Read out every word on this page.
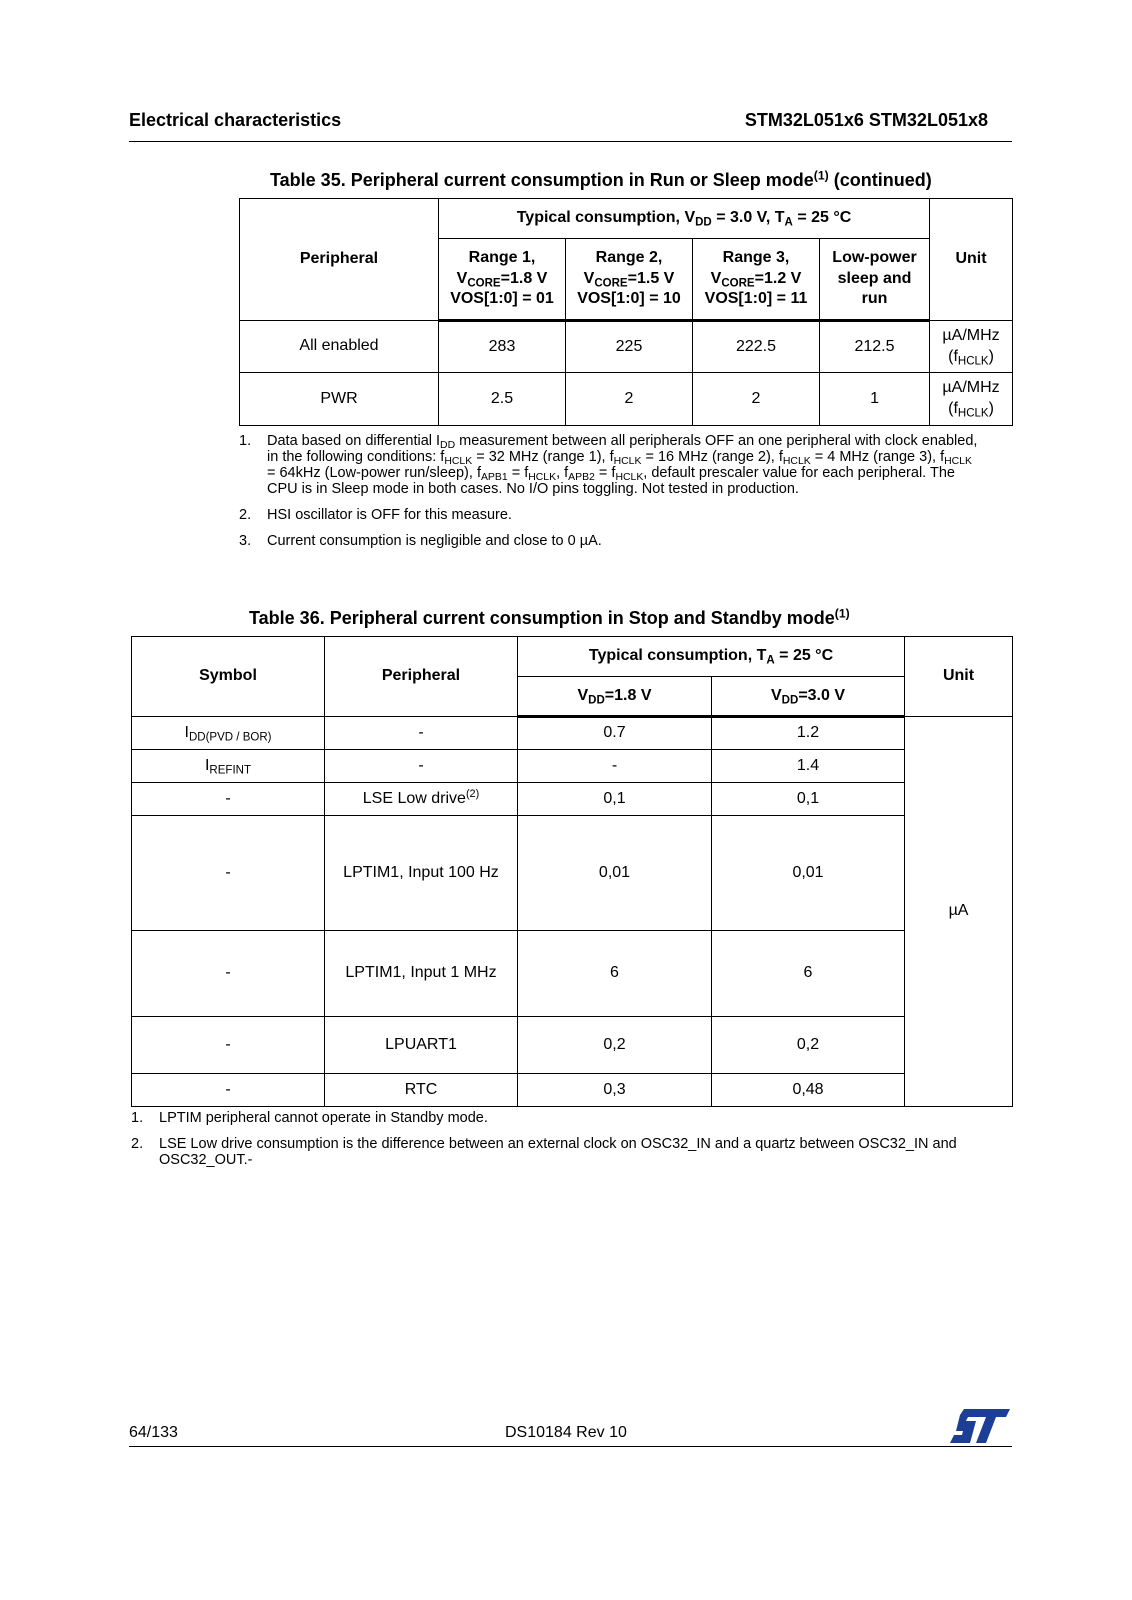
Electrical characteristics	STM32L051x6 STM32L051x8
Table 35. Peripheral current consumption in Run or Sleep mode$^{(1)}$ (continued)
Peripheral	Typical consumption, $V_{DD} = 3.0$ V, $T_A = 25$ °C				Unit
	Range 1,
$V_{CORE}=1.8$ V
VOS[1:0] = 01	Range 2,
$V_{CORE}=1.5$ V
VOS[1:0] = 10	Range 3,
$V_{CORE}=1.2$ V
VOS[1:0] = 11	Low-power
sleep and
run	
All enabled	283	225	222.5	212.5	µA/MHz
$(f_{HCLK})$
PWR	2.5	2	2	1	µA/MHz
$(f_{HCLK})$
1. Data based on differential $I_{DD}$ measurement between all peripherals OFF an one peripheral with clock enabled, in the following conditions: $f_{HCLK} = 32$ MHz (range 1), $f_{HCLK} = 16$ MHz (range 2), $f_{HCLK} = 4$ MHz (range 3), $f_{HCLK} = 64kHz$ (Low-power run/sleep), $f_{APB1} = f_{HCLK}$, $f_{APB2} = f_{HCLK}$, default prescaler value for each peripheral. The CPU is in Sleep mode in both cases. No I/O pins toggling. Not tested in production.
2. HSI oscillator is OFF for this measure.
3. Current consumption is negligible and close to 0 µA.
Table 36. Peripheral current consumption in Stop and Standby mode$^{(1)}$
Symbol	Peripheral	Typical consumption, $T_A = 25$ °C		Unit
		$V_{DD}=1.8$ V	$V_{DD}=3.0$ V	
$I_{DD(PVD / BOR)}$	-	0.7	1.2	µA
$I_{REFINT}$	-	-	1.4	
-	LSE Low drive$^{(2)}$	0,1	0,1	
-	LPTIM1, Input 100 Hz	0,01	0,01	
-	LPTIM1, Input 1 MHz	6	6	
-	LPUART1	0,2	0,2	
-	RTC	0,3	0,48	
1. LPTIM peripheral cannot operate in Standby mode.
2. LSE Low drive consumption is the difference between an external clock on OSC32_IN and a quartz between OSC32_IN and OSC32_OUT.-
64/133	DS10184 Rev 10
